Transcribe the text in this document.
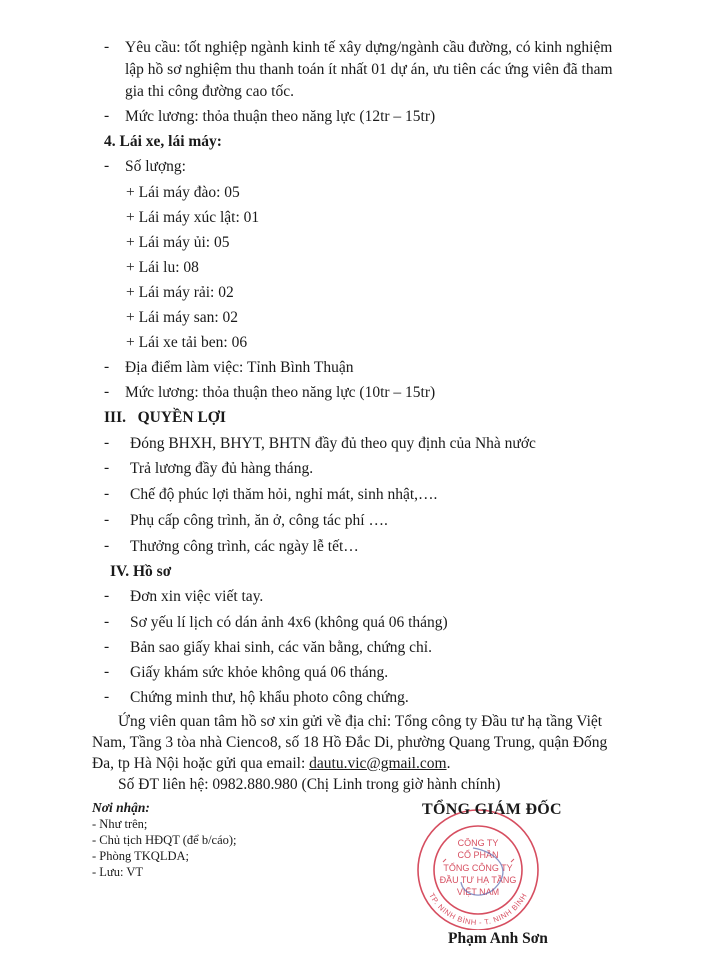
- Yêu cầu: tốt nghiệp ngành kinh tế xây dựng/ngành cầu đường, có kinh nghiệm
lập hồ sơ nghiệm thu thanh toán ít nhất 01 dự án, ưu tiên các ứng viên đã tham
gia thi công đường cao tốc.
- Mức lương: thỏa thuận theo năng lực (12tr – 15tr)
4. Lái xe, lái máy:
- Số lượng:
+ Lái máy đào: 05
+ Lái máy xúc lật: 01
+ Lái máy ủi: 05
+ Lái lu: 08
+ Lái máy rải: 02
+ Lái máy san: 02
+ Lái xe tải ben: 06
- Địa điểm làm việc: Tỉnh Bình Thuận
- Mức lương: thỏa thuận theo năng lực (10tr – 15tr)
III.   QUYỀN LỢI
- Đóng BHXH, BHYT, BHTN đầy đủ theo quy định của Nhà nước
- Trả lương đầy đủ hàng tháng.
- Chế độ phúc lợi thăm hỏi, nghỉ mát, sinh nhật,….
- Phụ cấp công trình, ăn ở, công tác phí ….
- Thưởng công trình, các ngày lễ tết…
IV. Hồ sơ
- Đơn xin việc viết tay.
- Sơ yếu lí lịch có dán ảnh 4x6 (không quá 06 tháng)
- Bản sao giấy khai sinh, các văn bằng, chứng chỉ.
- Giấy khám sức khỏe không quá 06 tháng.
- Chứng minh thư, hộ khẩu photo công chứng.
Ứng viên quan tâm hồ sơ xin gửi về địa chỉ: Tổng công ty Đầu tư hạ tầng Việt
Nam, Tầng 3 tòa nhà Cienco8, số 18 Hồ Đắc Di, phường Quang Trung, quận Đống
Đa, tp Hà Nội hoặc gửi qua email: dautu.vic@gmail.com.
Số ĐT liên hệ: 0982.880.980 (Chị Linh trong giờ hành chính)
Nơi nhận:
- Như trên;
- Chủ tịch HĐQT (để b/cáo);
- Phòng TKQLDA;
- Lưu: VT
CÔNG TY
CỔ PHẦN
TỔNG CÔNG TY
ĐẦU TƯ HẠ TẦNG
VIỆT NAM
TP. NINH BÌNH - T. NINH BÌNH
TỔNG GIÁM ĐỐC
Phạm Anh Sơn
